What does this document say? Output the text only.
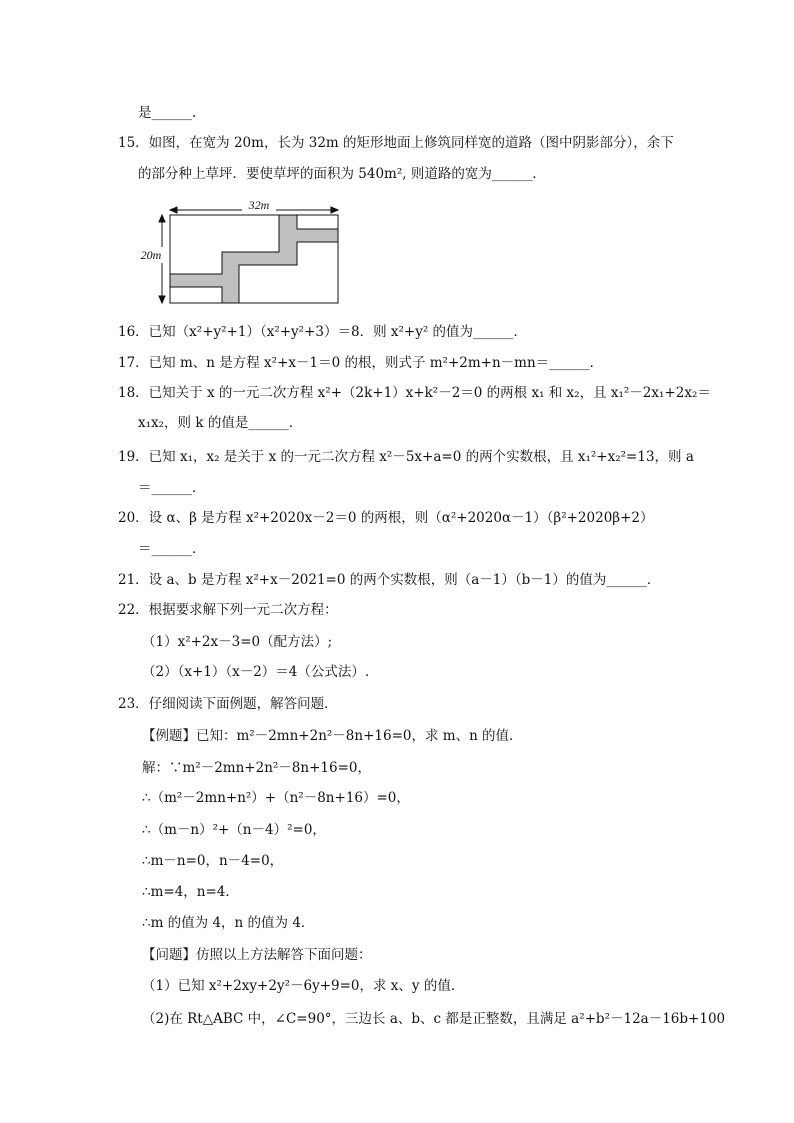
是______.
15．如图，在宽为 20m，长为 32m 的矩形地面上修筑同样宽的道路（图中阴影部分），余下
的部分种上草坪．要使草坪的面积为 540m², 则道路的宽为______．
32m
20m
16．已知（x²+y²+1）（x²+y²+3）＝8．则 x²+y² 的值为______．
17．已知 m、n 是方程 x²+x－1＝0 的根，则式子 m²+2m+n－mn＝______．
18．已知关于 x 的一元二次方程 x²+（2k+1）x+k²－2＝0 的两根 x₁ 和 x₂，且 x₁²－2x₁+2x₂＝
x₁x₂，则 k 的值是______．
19．已知 x₁，x₂ 是关于 x 的一元二次方程 x²－5x+a=0 的两个实数根，且 x₁²+x₂²=13，则 a
＝______．
20．设 α、β 是方程 x²+2020x－2＝0 的两根，则（α²+2020α－1）（β²+2020β+2）
＝______．
21．设 a、b 是方程 x²+x－2021=0 的两个实数根，则（a－1）（b－1）的值为______．
22．根据要求解下列一元二次方程：
（1）x²+2x－3=0（配方法）;
（2）（x+1）（x－2）＝4（公式法）.
23．仔细阅读下面例题，解答问题．
【例题】已知：m²－2mn+2n²－8n+16=0，求 m、n 的值．
解：∵m²－2mn+2n²－8n+16=0，
∴（m²－2mn+n²）+（n²－8n+16）=0，
∴（m－n）²+（n－4）²=0，
∴m－n=0，n－4=0，
∴m=4，n=4．
∴m 的值为 4，n 的值为 4．
【问题】仿照以上方法解答下面问题：
（1）已知 x²+2xy+2y²－6y+9=0，求 x、y 的值．
（2)在 Rt△ABC 中，∠C=90°，三边长 a、b、c 都是正整数，且满足 a²+b²－12a－16b+100
